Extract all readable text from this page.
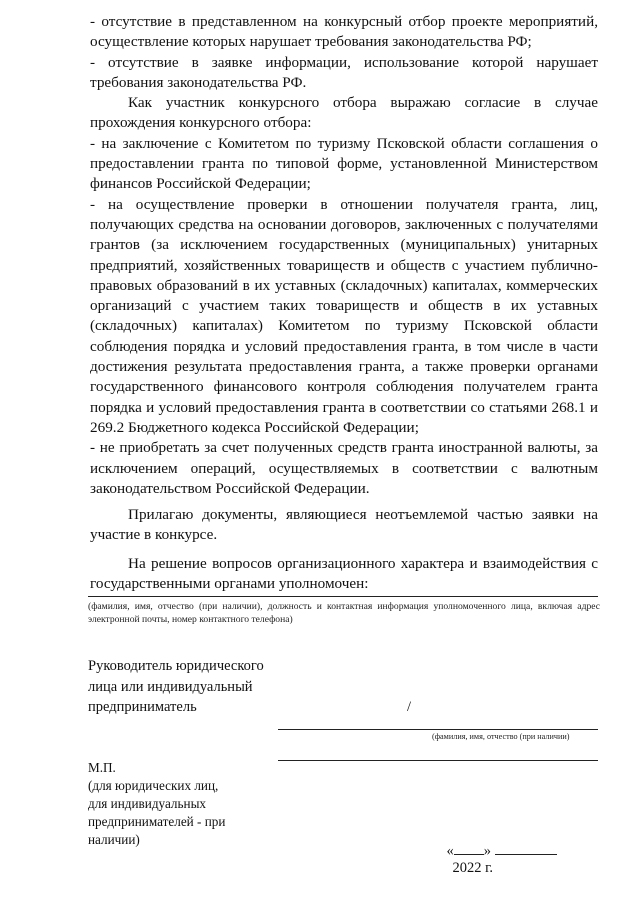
- отсутствие в представленном на конкурсный отбор проекте мероприятий, осуществление которых нарушает требования законодательства РФ;

- отсутствие в заявке информации, использование которой нарушает требования законодательства РФ.

Как участник конкурсного отбора выражаю согласие в случае прохождения конкурсного отбора:

- на заключение с Комитетом по туризму Псковской области соглашения о предоставлении гранта по типовой форме, установленной Министерством финансов Российской Федерации;

- на осуществление проверки в отношении получателя гранта, лиц, получающих средства на основании договоров, заключенных с получателями грантов (за исключением государственных (муниципальных) унитарных предприятий, хозяйственных товариществ и обществ с участием публично-правовых образований в их уставных (складочных) капиталах, коммерческих организаций с участием таких товариществ и обществ в их уставных (складочных) капиталах) Комитетом по туризму Псковской области соблюдения порядка и условий предоставления гранта, в том числе в части достижения результата предоставления гранта, а также проверки органами государственного финансового контроля соблюдения получателем гранта порядка и условий предоставления гранта в соответствии со статьями 268.1 и 269.2 Бюджетного кодекса Российской Федерации;

- не приобретать за счет полученных средств гранта иностранной валюты, за исключением операций, осуществляемых в соответствии с валютным законодательством Российской Федерации.

Прилагаю документы, являющиеся неотъемлемой частью заявки на участие в конкурсе.

На решение вопросов организационного характера и взаимодействия с государственными органами уполномочен:

(фамилия, имя, отчество (при наличии), должность и контактная информация уполномоченного лица, включая адрес электронной почты, номер контактного телефона)
Руководитель юридического
лица или индивидуальный
предприниматель	/
(фамилия, имя, отчество (при наличии)
М.П.
(для юридических лиц,
для индивидуальных
предпринимателей - при
наличии)

« »
2022 г.
